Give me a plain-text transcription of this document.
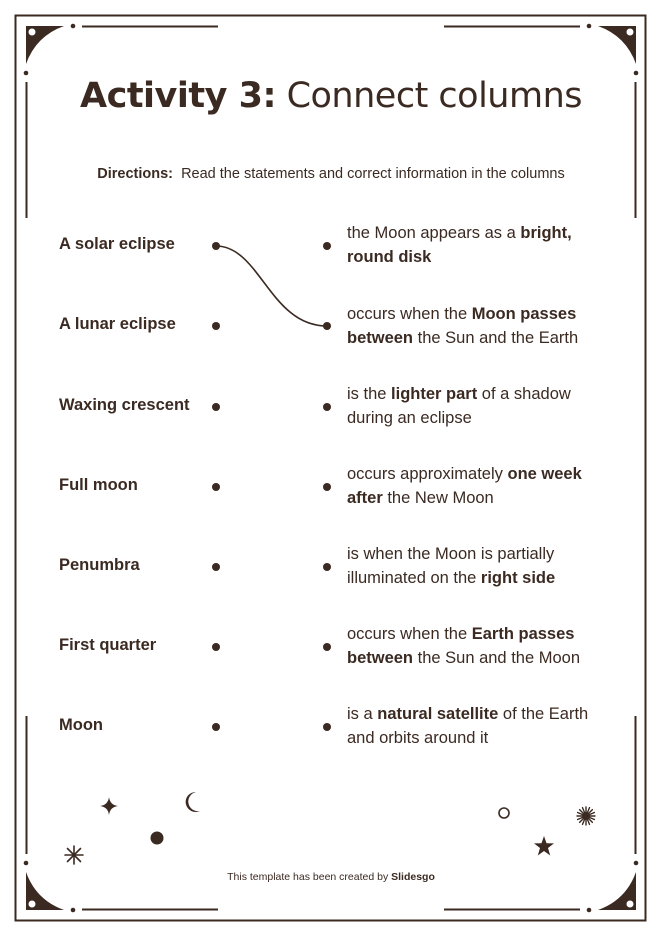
Activity 3: Connect columns
Directions:  Read the statements and correct information in the columns
A solar eclipse
A lunar eclipse
Waxing crescent
Full moon
Penumbra
First quarter
Moon
the Moon appears as a bright, round disk
occurs when the Moon passes between the Sun and the Earth
is the lighter part of a shadow during an eclipse
occurs approximately one week after the New Moon
is when the Moon is partially illuminated on the right side
occurs when the Earth passes between the Sun and the Moon
is a natural satellite of the Earth and orbits around it
This template has been created by Slidesgo
